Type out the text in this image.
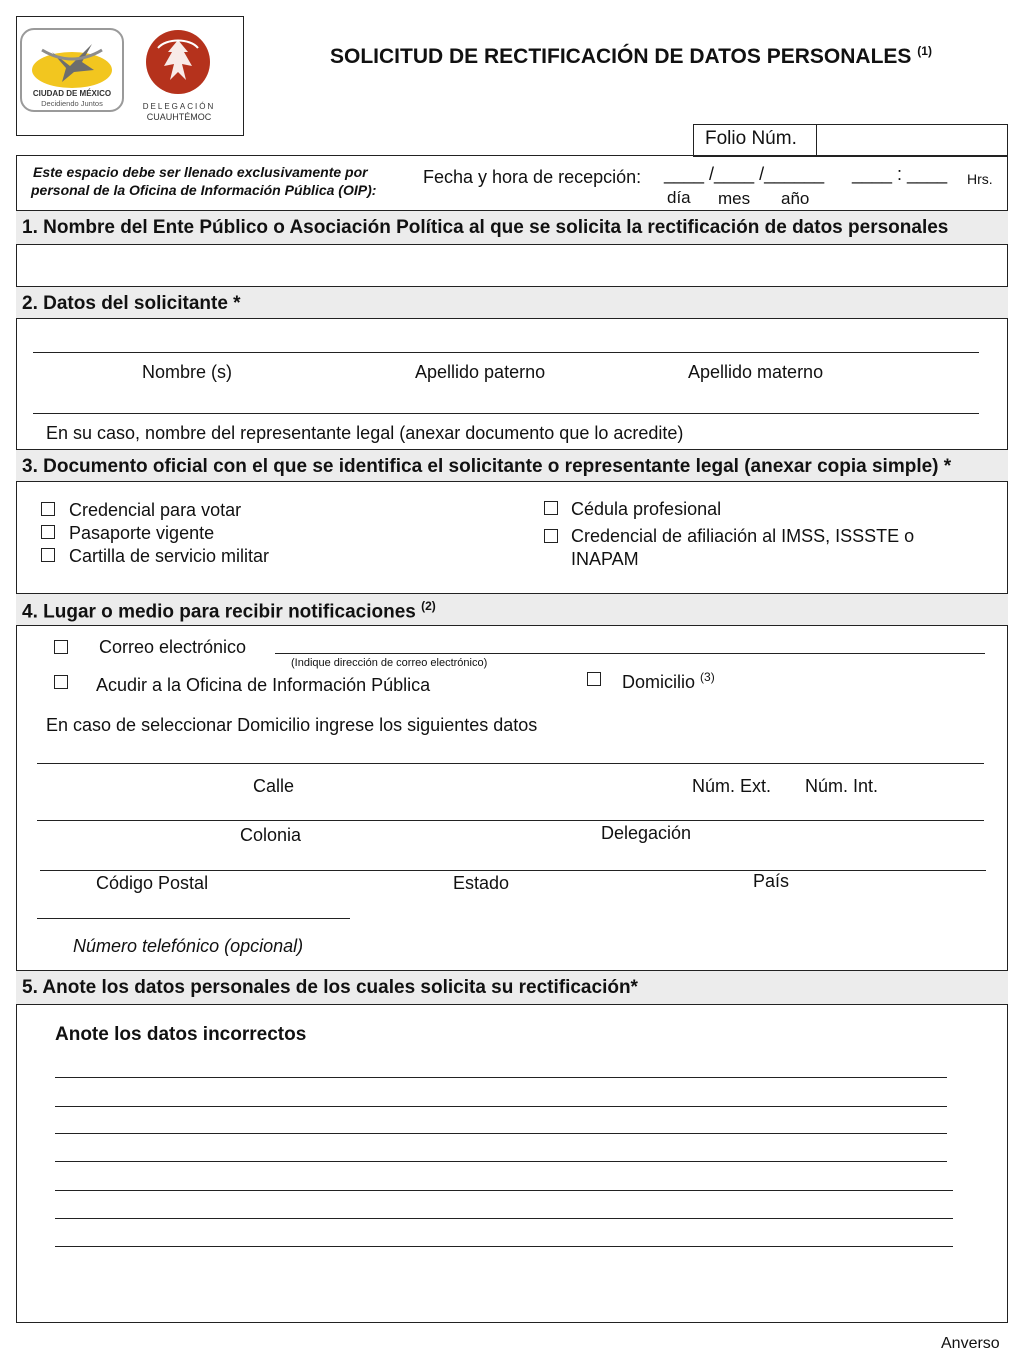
CIUDAD DE MÉXICO
Decidiendo Juntos	DELEGACIÓN
CUAUHTÉMOC
SOLICITUD DE RECTIFICACIÓN DE DATOS PERSONALES $^{(1)}$
Folio Núm.
Este espacio debe ser llenado exclusivamente por
personal de la Oficina de Información Pública (OIP):
Fecha y hora de recepción: ____ /____ /______ ____ : ____ Hrs.
día mes año
1. Nombre del Ente Público o Asociación Política al que se solicita la rectificación de datos personales
2. Datos del solicitante *
Nombre (s)	Apellido paterno	Apellido materno
En su caso, nombre del representante legal (anexar documento que lo acredite)
3. Documento oficial con el que se identifica el solicitante o representante legal (anexar copia simple) *
Credencial para votar
Pasaporte vigente
Cartilla de servicio militar
Cédula profesional
Credencial de afiliación al IMSS, ISSSTE o
INAPAM
4. Lugar o medio para recibir notificaciones $^{(2)}$
Correo electrónico
(Indique dirección de correo electrónico)
Acudir a la Oficina de Información Pública	Domicilio $^{(3)}$
En caso de seleccionar Domicilio ingrese los siguientes datos
Calle	Núm. Ext. Núm. Int.
Colonia	Delegación
Código Postal	Estado	País
Número telefónico (opcional)
5. Anote los datos personales de los cuales solicita su rectificación*
Anote los datos incorrectos
Anverso
